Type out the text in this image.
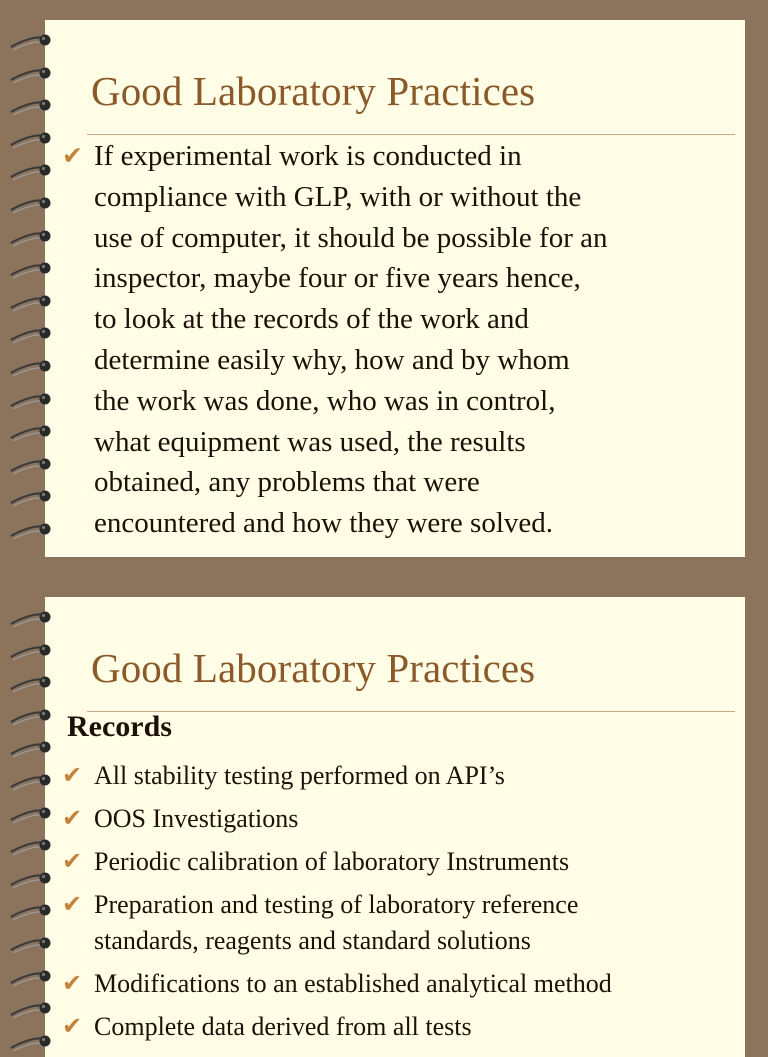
Good Laboratory Practices
✔ If experimental work is conducted in
compliance with GLP, with or without the
use of computer, it should be possible for an
inspector, maybe four or five years hence,
to look at the records of the work and
determine easily why, how and by whom
the work was done, who was in control,
what equipment was used, the results
obtained, any problems that were
encountered and how they were solved.
Good Laboratory Practices
Records
✔ All stability testing performed on API’s
✔ OOS Investigations
✔ Periodic calibration of laboratory Instruments
✔ Preparation and testing of laboratory reference
standards, reagents and standard solutions
✔ Modifications to an established analytical method
✔ Complete data derived from all tests
